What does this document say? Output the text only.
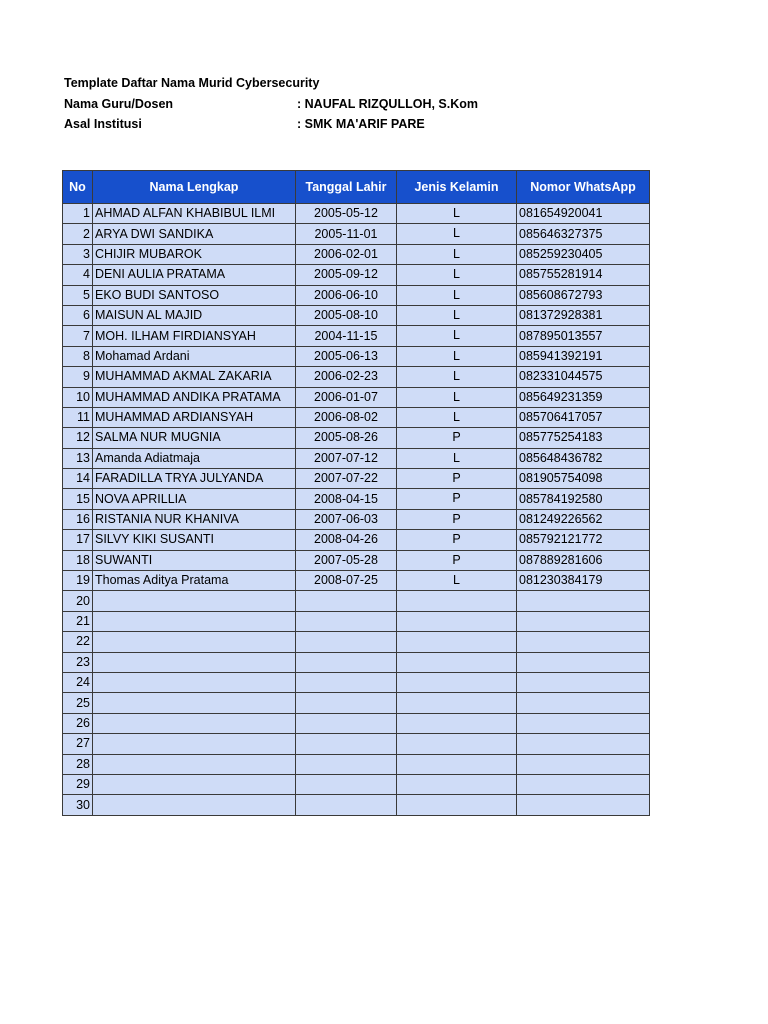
Template Daftar Nama Murid Cybersecurity
Nama Guru/Dosen	: NAUFAL RIZQULLOH, S.Kom
Asal Institusi	: SMK MA'ARIF PARE
No	Nama Lengkap	Tanggal Lahir	Jenis Kelamin	Nomor WhatsApp
1	AHMAD ALFAN KHABIBUL ILMI	2005-05-12	L	081654920041
2	ARYA DWI SANDIKA	2005-11-01	L	085646327375
3	CHIJIR MUBAROK	2006-02-01	L	085259230405
4	DENI AULIA PRATAMA	2005-09-12	L	085755281914
5	EKO BUDI SANTOSO	2006-06-10	L	085608672793
6	MAISUN AL MAJID	2005-08-10	L	081372928381
7	MOH. ILHAM FIRDIANSYAH	2004-11-15	L	087895013557
8	Mohamad Ardani	2005-06-13	L	085941392191
9	MUHAMMAD AKMAL ZAKARIA	2006-02-23	L	082331044575
10	MUHAMMAD ANDIKA PRATAMA	2006-01-07	L	085649231359
11	MUHAMMAD ARDIANSYAH	2006-08-02	L	085706417057
12	SALMA NUR MUGNIA	2005-08-26	P	085775254183
13	Amanda Adiatmaja	2007-07-12	L	085648436782
14	FARADILLA TRYA JULYANDA	2007-07-22	P	081905754098
15	NOVA APRILLIA	2008-04-15	P	085784192580
16	RISTANIA NUR KHANIVA	2007-06-03	P	081249226562
17	SILVY KIKI SUSANTI	2008-04-26	P	085792121772
18	SUWANTI	2007-05-28	P	087889281606
19	Thomas Aditya Pratama	2008-07-25	L	081230384179
20				
21				
22				
23				
24				
25				
26				
27				
28				
29				
30				
